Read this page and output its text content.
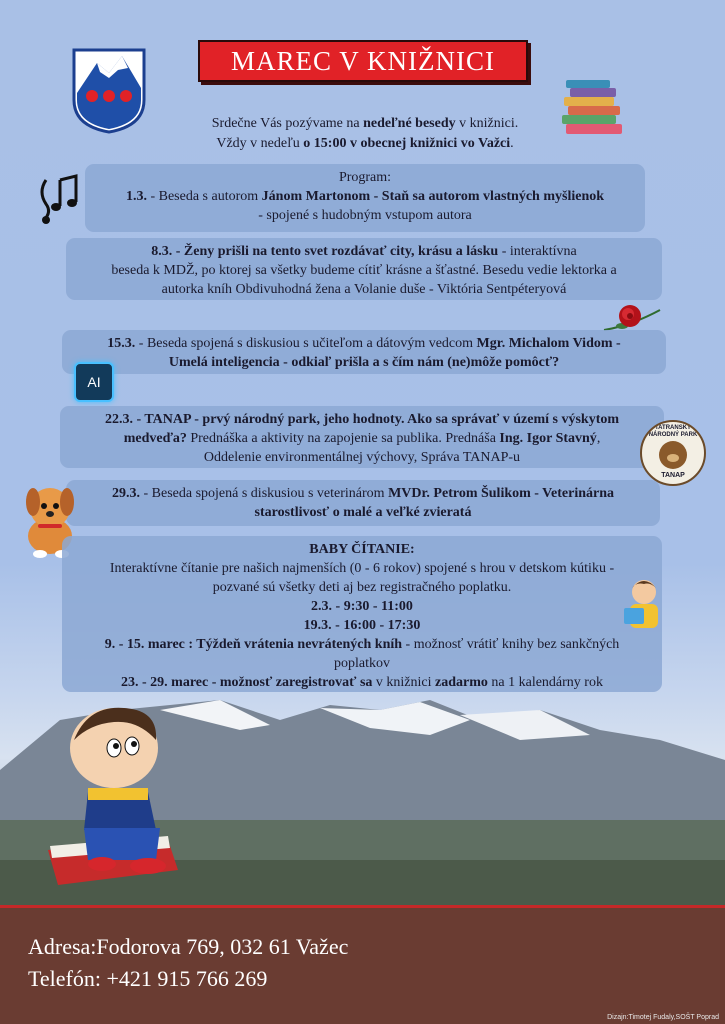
MAREC V KNIŽNICI
Srdečne Vás pozývame na nedeľné besedy v knižnici.
Vždy v nedeľu o 15:00 v obecnej knižnici vo Važci.
Program:
1.3. - Beseda s autorom Jánom Martonom - Staň sa autorom vlastných myšlienok
- spojené s hudobným vstupom autora
8.3. - Ženy prišli na tento svet rozdávať city, krásu a lásku - interaktívna
beseda k MDŽ, po ktorej sa všetky budeme cítiť krásne a šťastné. Besedu vedie lektorka a
autorka kníh Obdivuhodná žena a Volanie duše - Viktória Sentpéteryová
15.3. - Beseda spojená s diskusiou s učiteľom a dátovým vedcom Mgr. Michalom Vidom -
Umelá inteligencia - odkiaľ prišla a s čím nám (ne)môže pomôcť?
AI
22.3. - TANAP - prvý národný park, jeho hodnoty. Ako sa správať v území s výskytom
medveďa? Prednáška a aktivity na zapojenie sa publika. Prednáša Ing. Igor Stavný,
Oddelenie environmentálnej výchovy, Správa TANAP-u
TATRANSKÝ NÁRODNÝ PARK
TANAP
29.3. - Beseda spojená s diskusiou s veterinárom MVDr. Petrom Šulikom - Veterinárna
starostlivosť o malé a veľké zvieratá
BABY ČÍTANIE:
Interaktívne čítanie pre našich najmenších (0 - 6 rokov) spojené s hrou v detskom kútiku -
pozvané sú všetky deti aj bez registračného poplatku.
2.3. - 9:30 - 11:00
19.3. - 16:00 - 17:30
9. - 15. marec : Týždeň vrátenia nevrátených kníh - možnosť vrátiť knihy bez sankčných
poplatkov
23. - 29. marec - možnosť zaregistrovať sa v knižnici zadarmo na 1 kalendárny rok
Adresa:Fodorova 769, 032 61 Važec
Telefón: +421 915 766 269
Dizajn:Timotej Fudaly,SOŠT Poprad
